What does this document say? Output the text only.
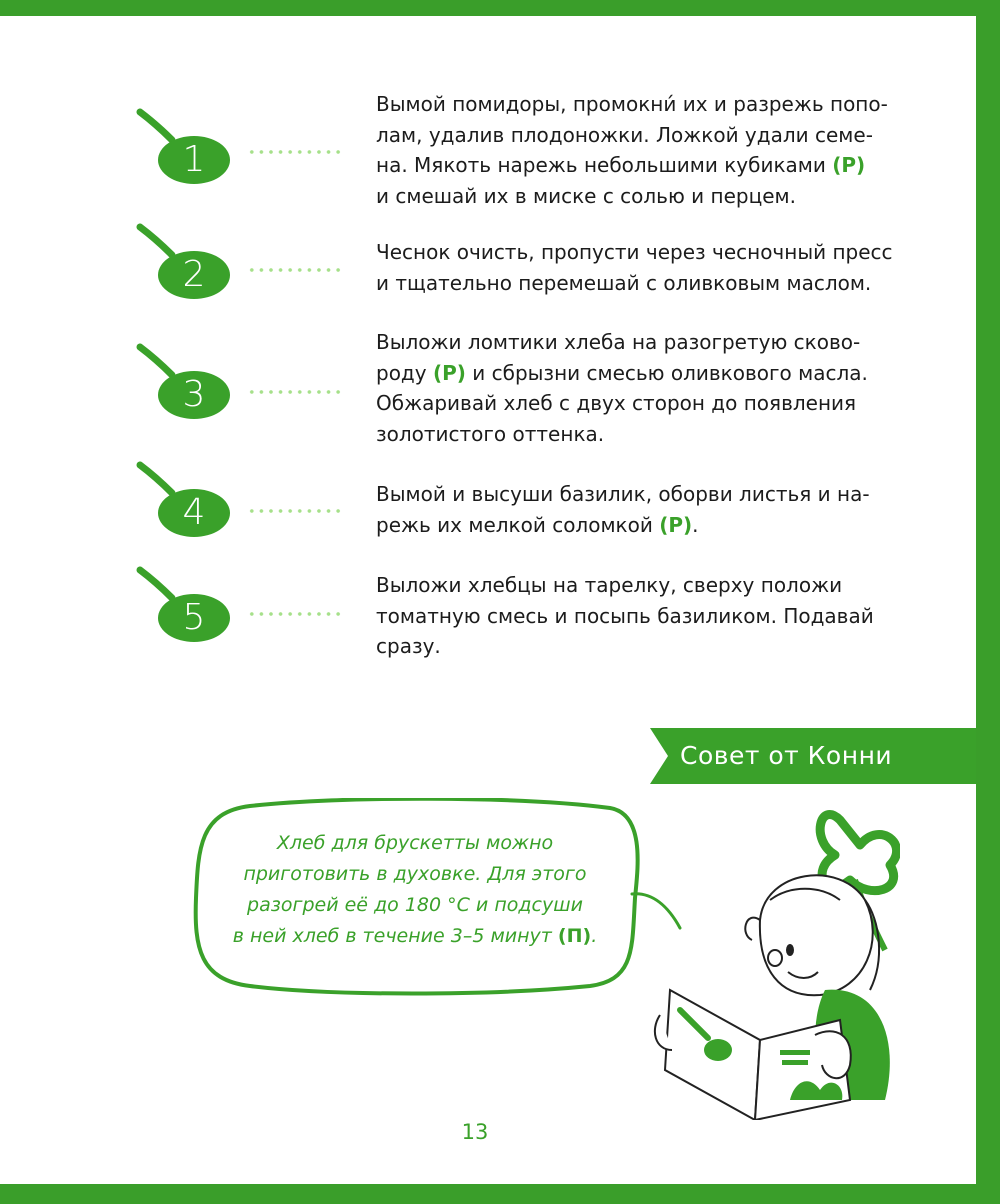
1
Вымой помидоры, промокни́ их и разрежь попо-
лам, удалив плодоножки. Ложкой удали семе-
на. Мякоть нарежь небольшими кубиками (Р)
и смешай их в миске с солью и перцем.
2
Чеснок очисть, пропусти через чесночный пресс
и тщательно перемешай с оливковым маслом.
3
Выложи ломтики хлеба на разогретую сково-
роду (Р) и сбрызни смесью оливкового масла.
Обжаривай хлеб с двух сторон до появления
золотистого оттенка.
4	Вымой и высуши базилик, оборви листья и на-
режь их мелкой соломкой (Р).
5
Выложи хлебцы на тарелку, сверху положи
томатную смесь и посыпь базиликом. Подавай
сразу.
Совет от Конни
Хлеб для брускетты можно
приготовить в духовке. Для этого
разогрей её до 180 °С и подсуши
в ней хлеб в течение 3–5 минут (П).
13
